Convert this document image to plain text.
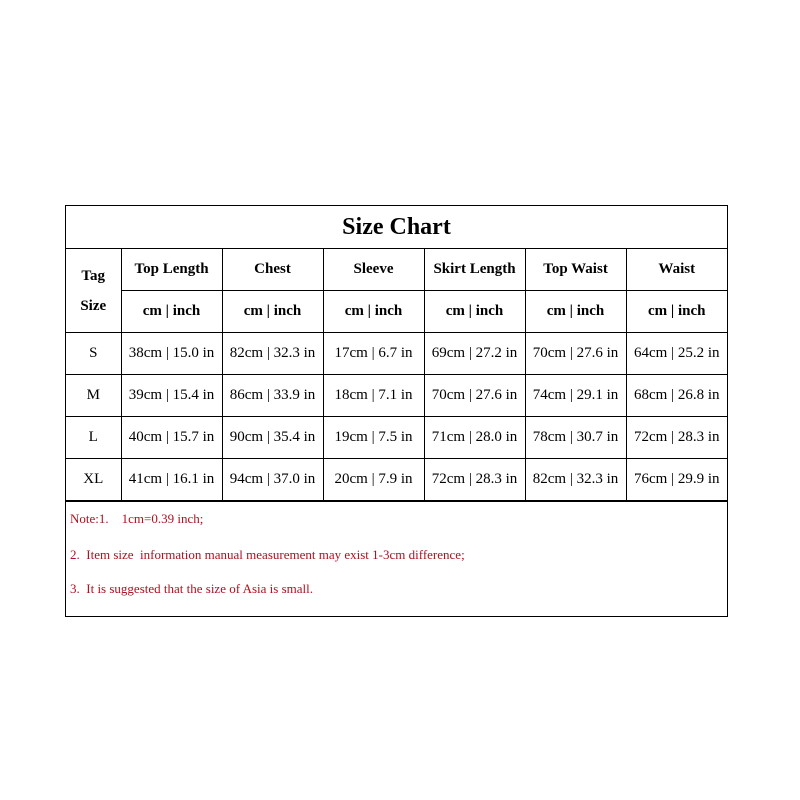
Size Chart
Tag
Size	Top Length	Chest	Sleeve	Skirt Length	Top Waist	Waist
	cm | inch	cm | inch	cm | inch	cm | inch	cm | inch	cm | inch
S	38cm | 15.0 in	82cm | 32.3 in	17cm | 6.7 in	69cm | 27.2 in	70cm | 27.6 in	64cm | 25.2 in
M	39cm | 15.4 in	86cm | 33.9 in	18cm | 7.1 in	70cm | 27.6 in	74cm | 29.1 in	68cm | 26.8 in
L	40cm | 15.7 in	90cm | 35.4 in	19cm | 7.5 in	71cm | 28.0 in	78cm | 30.7 in	72cm | 28.3 in
XL	41cm | 16.1 in	94cm | 37.0 in	20cm | 7.9 in	72cm | 28.3 in	82cm | 32.3 in	76cm | 29.9 in
Note:1.    1cm=0.39 inch;
2.  Item size  information manual measurement may exist 1-3cm difference;
3.  It is suggested that the size of Asia is small.
